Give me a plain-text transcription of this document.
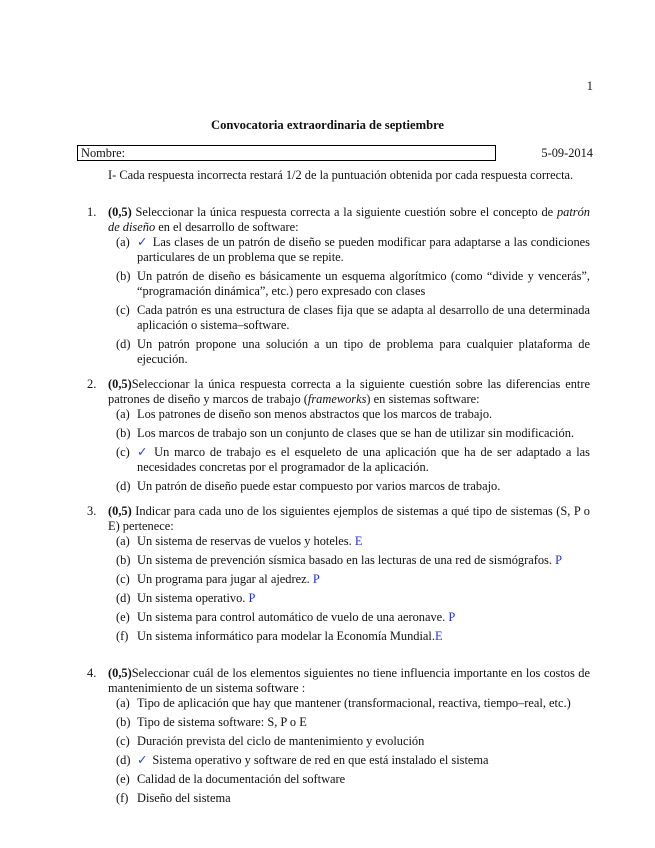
1
Convocatoria extraordinaria de septiembre
Nombre:	5-09-2014
I- Cada respuesta incorrecta restará 1/2 de la puntuación obtenida por cada respuesta correcta.
1. (0,5) Seleccionar la única respuesta correcta a la siguiente cuestión sobre el concepto de patrón de diseño en el desarrollo de software:
(a) ✓ Las clases de un patrón de diseño se pueden modificar para adaptarse a las condiciones particulares de un problema que se repite.
(b) Un patrón de diseño es básicamente un esquema algorítmico (como “divide y vencerás”, “programación dinámica”, etc.) pero expresado con clases
(c) Cada patrón es una estructura de clases fija que se adapta al desarrollo de una determinada aplicación o sistema–software.
(d) Un patrón propone una solución a un tipo de problema para cualquier plataforma de ejecución.
2. (0,5)Seleccionar la única respuesta correcta a la siguiente cuestión sobre las diferencias entre patrones de diseño y marcos de trabajo (frameworks) en sistemas software:
(a) Los patrones de diseño son menos abstractos que los marcos de trabajo.
(b) Los marcos de trabajo son un conjunto de clases que se han de utilizar sin modificación.
(c) ✓ Un marco de trabajo es el esqueleto de una aplicación que ha de ser adaptado a las necesidades concretas por el programador de la aplicación.
(d) Un patrón de diseño puede estar compuesto por varios marcos de trabajo.
3. (0,5) Indicar para cada uno de los siguientes ejemplos de sistemas a qué tipo de sistemas (S, P o E) pertenece:
(a) Un sistema de reservas de vuelos y hoteles. E
(b) Un sistema de prevención sísmica basado en las lecturas de una red de sismógrafos. P
(c) Un programa para jugar al ajedrez. P
(d) Un sistema operativo. P
(e) Un sistema para control automático de vuelo de una aeronave. P
(f) Un sistema informático para modelar la Economía Mundial.E
4. (0,5)Seleccionar cuál de los elementos siguientes no tiene influencia importante en los costos de mantenimiento de un sistema software :
(a) Tipo de aplicación que hay que mantener (transformacional, reactiva, tiempo–real, etc.)
(b) Tipo de sistema software: S, P o E
(c) Duración prevista del ciclo de mantenimiento y evolución
(d) ✓ Sistema operativo y software de red en que está instalado el sistema
(e) Calidad de la documentación del software
(f) Diseño del sistema
